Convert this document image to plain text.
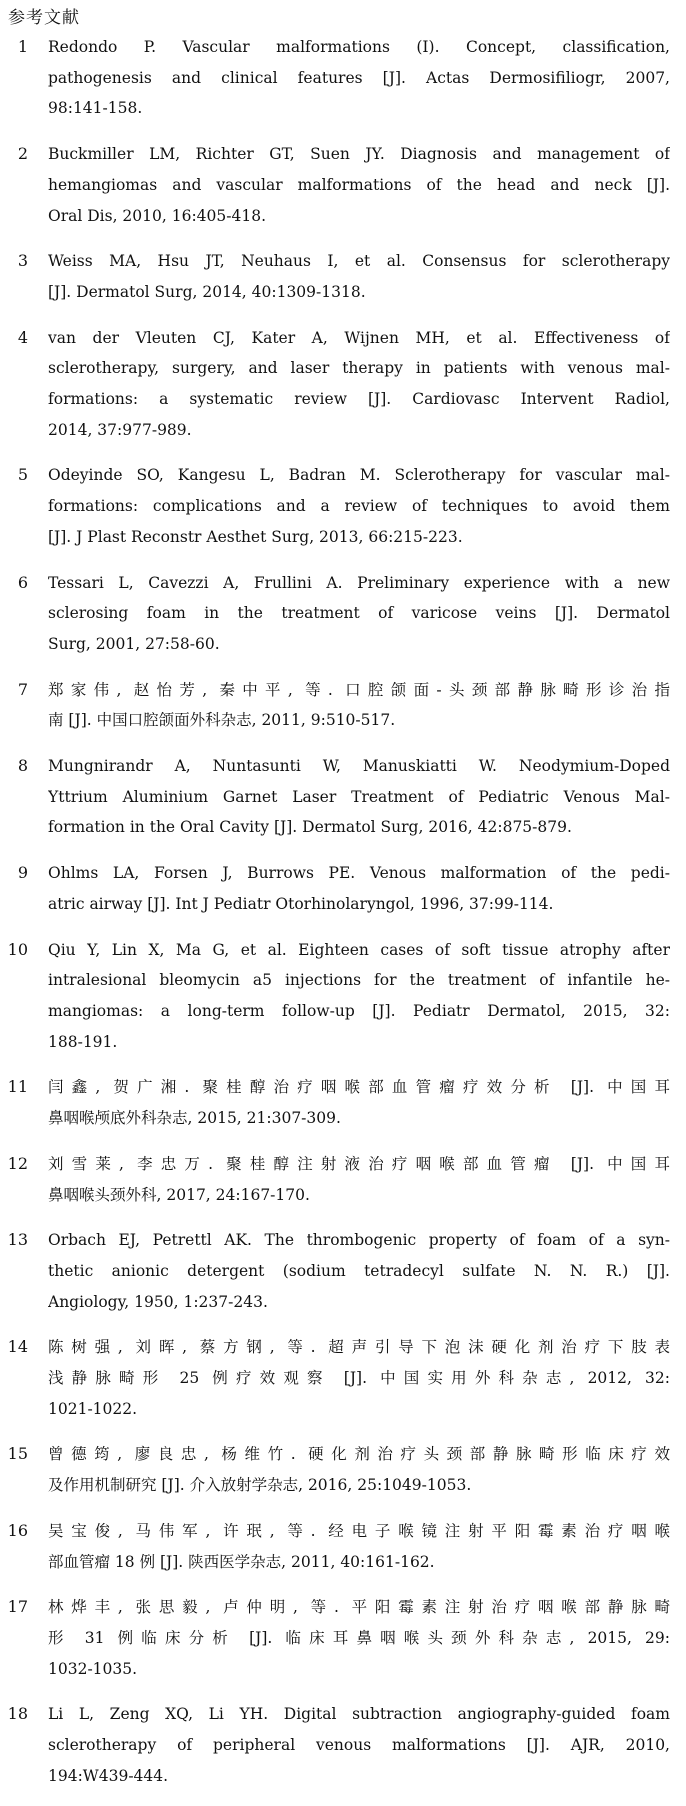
参考文献
1 Redondo P. Vascular malformations (I). Concept, classification,
pathogenesis and clinical features [J]. Actas Dermosifiliogr, 2007,
98:141-158.
2 Buckmiller LM, Richter GT, Suen JY. Diagnosis and management of
hemangiomas and vascular malformations of the head and neck [J].
Oral Dis, 2010, 16:405-418.
3 Weiss MA, Hsu JT, Neuhaus I, et al. Consensus for sclerotherapy
[J]. Dermatol Surg, 2014, 40:1309-1318.
4 van der Vleuten CJ, Kater A, Wijnen MH, et al. Effectiveness of
sclerotherapy, surgery, and laser therapy in patients with venous mal-
formations: a systematic review [J]. Cardiovasc Intervent Radiol,
2014, 37:977-989.
5 Odeyinde SO, Kangesu L, Badran M. Sclerotherapy for vascular mal-
formations: complications and a review of techniques to avoid them
[J]. J Plast Reconstr Aesthet Surg, 2013, 66:215-223.
6 Tessari L, Cavezzi A, Frullini A. Preliminary experience with a new
sclerosing foam in the treatment of varicose veins [J]. Dermatol
Surg, 2001, 27:58-60.
7 郑家伟, 赵怡芳, 秦中平, 等. 口腔颌面-头颈部静脉畸形诊治指
南 [J]. 中国口腔颌面外科杂志, 2011, 9:510-517.
8 Mungnirandr A, Nuntasunti W, Manuskiatti W. Neodymium-Doped
Yttrium Aluminium Garnet Laser Treatment of Pediatric Venous Mal-
formation in the Oral Cavity [J]. Dermatol Surg, 2016, 42:875-879.
9 Ohlms LA, Forsen J, Burrows PE. Venous malformation of the pedi-
atric airway [J]. Int J Pediatr Otorhinolaryngol, 1996, 37:99-114.
10 Qiu Y, Lin X, Ma G, et al. Eighteen cases of soft tissue atrophy after
intralesional bleomycin a5 injections for the treatment of infantile he-
mangiomas: a long-term follow-up [J]. Pediatr Dermatol, 2015, 32:
188-191.
11 闫鑫, 贺广湘. 聚桂醇治疗咽喉部血管瘤疗效分析 [J]. 中国耳
鼻咽喉颅底外科杂志, 2015, 21:307-309.
12 刘雪莱, 李忠万. 聚桂醇注射液治疗咽喉部血管瘤 [J]. 中国耳
鼻咽喉头颈外科, 2017, 24:167-170.
13 Orbach EJ, Petrettl AK. The thrombogenic property of foam of a syn-
thetic anionic detergent (sodium tetradecyl sulfate N. N. R.) [J].
Angiology, 1950, 1:237-243.
14 陈树强, 刘晖, 蔡方钢, 等. 超声引导下泡沫硬化剂治疗下肢表
浅静脉畸形 25 例疗效观察 [J]. 中国实用外科杂志, 2012, 32:
1021-1022.
15 曾德筠, 廖良忠, 杨维竹. 硬化剂治疗头颈部静脉畸形临床疗效
及作用机制研究 [J]. 介入放射学杂志, 2016, 25:1049-1053.
16 吴宝俊, 马伟军, 许珉, 等. 经电子喉镜注射平阳霉素治疗咽喉
部血管瘤 18 例 [J]. 陕西医学杂志, 2011, 40:161-162.
17 林烨丰, 张思毅, 卢仲明, 等. 平阳霉素注射治疗咽喉部静脉畸
形 31 例临床分析 [J]. 临床耳鼻咽喉头颈外科杂志, 2015, 29:
1032-1035.
18 Li L, Zeng XQ, Li YH. Digital subtraction angiography-guided foam
sclerotherapy of peripheral venous malformations [J]. AJR, 2010,
194:W439-444.
